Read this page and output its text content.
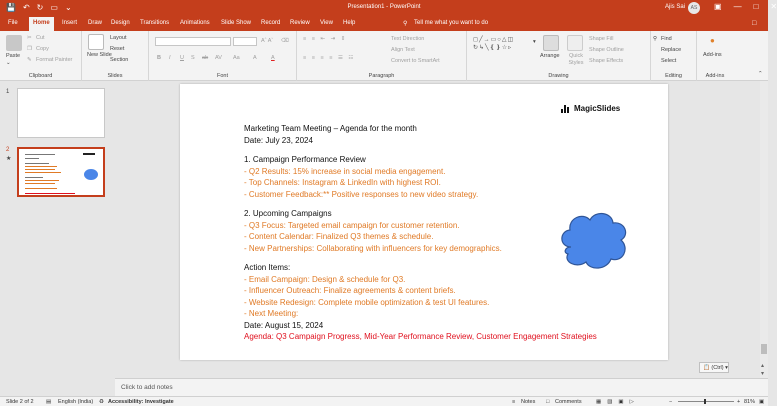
💾 ↶ ↻ ▭ ⌄	Presentation1 - PowerPoint	Ajis Sai	AS	▣ — □ ✕
File	Home	Insert Draw Design Transitions Animations Slide Show Record Review View Help	⚲ Tell me what you want to do	□
Paste
⌄
✂ Cut
❐ Copy
✎ Format Painter
Clipboard
New Slide
Layout
Reset
Section
Slides
Aˆ Aˇ ⌫
B I U S ab AV Aa A	A
Font
≡ ≡ ⇤ ⇥ ⇕
≡ ≡ ≡ ≡ ☰ ☷
Text Direction
Align Text
Convert to SmartArt
Paragraph
◻╱→▭○△◫
↻↳╲❴❵☆▹
▾
Arrange	Quick Styles
Shape Fill
Shape Outline
Shape Effects
Drawing
⚲ Find
Replace
Select
Editing
●
Add-ins
Add-ins	⌃
1
2
★
MagicSlides
Marketing Team Meeting – Agenda for the month
Date: July 23, 2024
1. Campaign Performance Review
- Q2 Results: 15% increase in social media engagement.
- Top Channels: Instagram & LinkedIn with highest ROI.
- Customer Feedback:** Positive responses to new video strategy.
2. Upcoming Campaigns
- Q3 Focus: Targeted email campaign for customer retention.
- Content Calendar: Finalized Q3 themes & schedule.
- New Partnerships: Collaborating with influencers for key demographics.
Action Items:
- Email Campaign: Design & schedule for Q3.
- Influencer Outreach: Finalize agreements & content briefs.
- Website Redesign: Complete mobile optimization & test UI features.
- Next Meeting:
Date: August 15, 2024
Agenda: Q3 Campaign Progress, Mid-Year Performance Review, Customer Engagement Strategies
📋 (Ctrl) ▾	▴
▾
Click to add notes
Slide 2 of 2 ▤ English (India) ♻ Accessibility: Investigate	≡ Notes □ Comments	▦▧▣▷	−	+ 81% ▣
